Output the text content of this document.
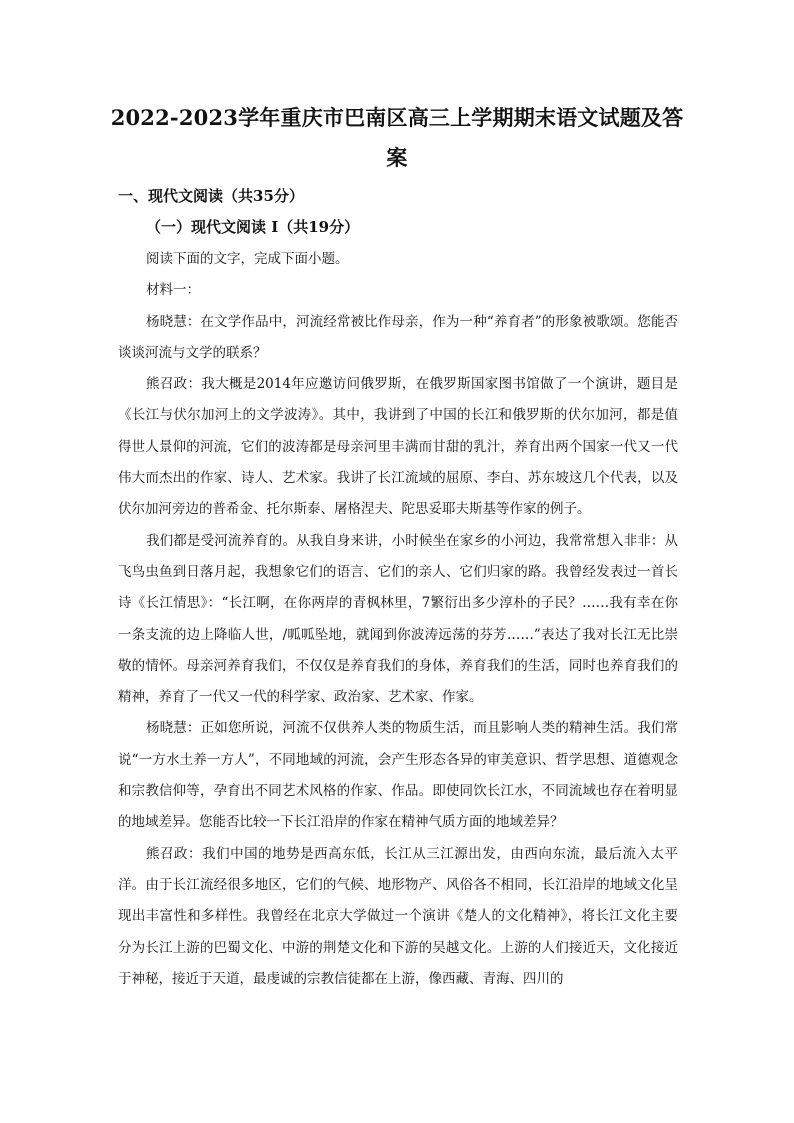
2022-2023学年重庆市巴南区高三上学期期末语文试题及答案
一、现代文阅读（共35分）
（一）现代文阅读 I（共19分）

阅读下面的文字，完成下面小题。

材料一：

杨晓慧：在文学作品中，河流经常被比作母亲，作为一种“养育者”的形象被歌颂。您能否谈谈河流与文学的联系？

熊召政：我大概是2014年应邀访问俄罗斯，在俄罗斯国家图书馆做了一个演讲，题目是《长江与伏尔加河上的文学波涛》。其中，我讲到了中国的长江和俄罗斯的伏尔加河，都是值得世人景仰的河流，它们的波涛都是母亲河里丰满而甘甜的乳汁，养育出两个国家一代又一代伟大而杰出的作家、诗人、艺术家。我讲了长江流域的屈原、李白、苏东坡这几个代表，以及伏尔加河旁边的普希金、托尔斯泰、屠格涅夫、陀思妥耶夫斯基等作家的例子。

我们都是受河流养育的。从我自身来讲，小时候坐在家乡的小河边，我常常想入非非：从飞鸟虫鱼到日落月起，我想象它们的语言、它们的亲人、它们归家的路。我曾经发表过一首长诗《长江情思》：“长江啊，在你两岸的青枫林里，7繁衍出多少淳朴的子民？……我有幸在你一条支流的边上降临人世，/呱呱坠地，就闻到你波涛远荡的芬芳……”表达了我对长江无比崇敬的情怀。母亲河养育我们，不仅仅是养育我们的身体，养育我们的生活，同时也养育我们的精神，养育了一代又一代的科学家、政治家、艺术家、作家。

杨晓慧：正如您所说，河流不仅供养人类的物质生活，而且影响人类的精神生活。我们常说“一方水土养一方人”，不同地域的河流，会产生形态各异的审美意识、哲学思想、道德观念和宗教信仰等，孕育出不同艺术风格的作家、作品。即使同饮长江水，不同流域也存在着明显的地域差异。您能否比较一下长江沿岸的作家在精神气质方面的地域差异？

熊召政：我们中国的地势是西高东低，长江从三江源出发，由西向东流，最后流入太平洋。由于长江流经很多地区，它们的气候、地形物产、风俗各不相同，长江沿岸的地域文化呈现出丰富性和多样性。我曾经在北京大学做过一个演讲《楚人的文化精神》，将长江文化主要分为长江上游的巴蜀文化、中游的荆楚文化和下游的吴越文化。上游的人们接近天，文化接近于神秘，接近于天道，最虔诚的宗教信徒都在上游，像西藏、青海、四川的
